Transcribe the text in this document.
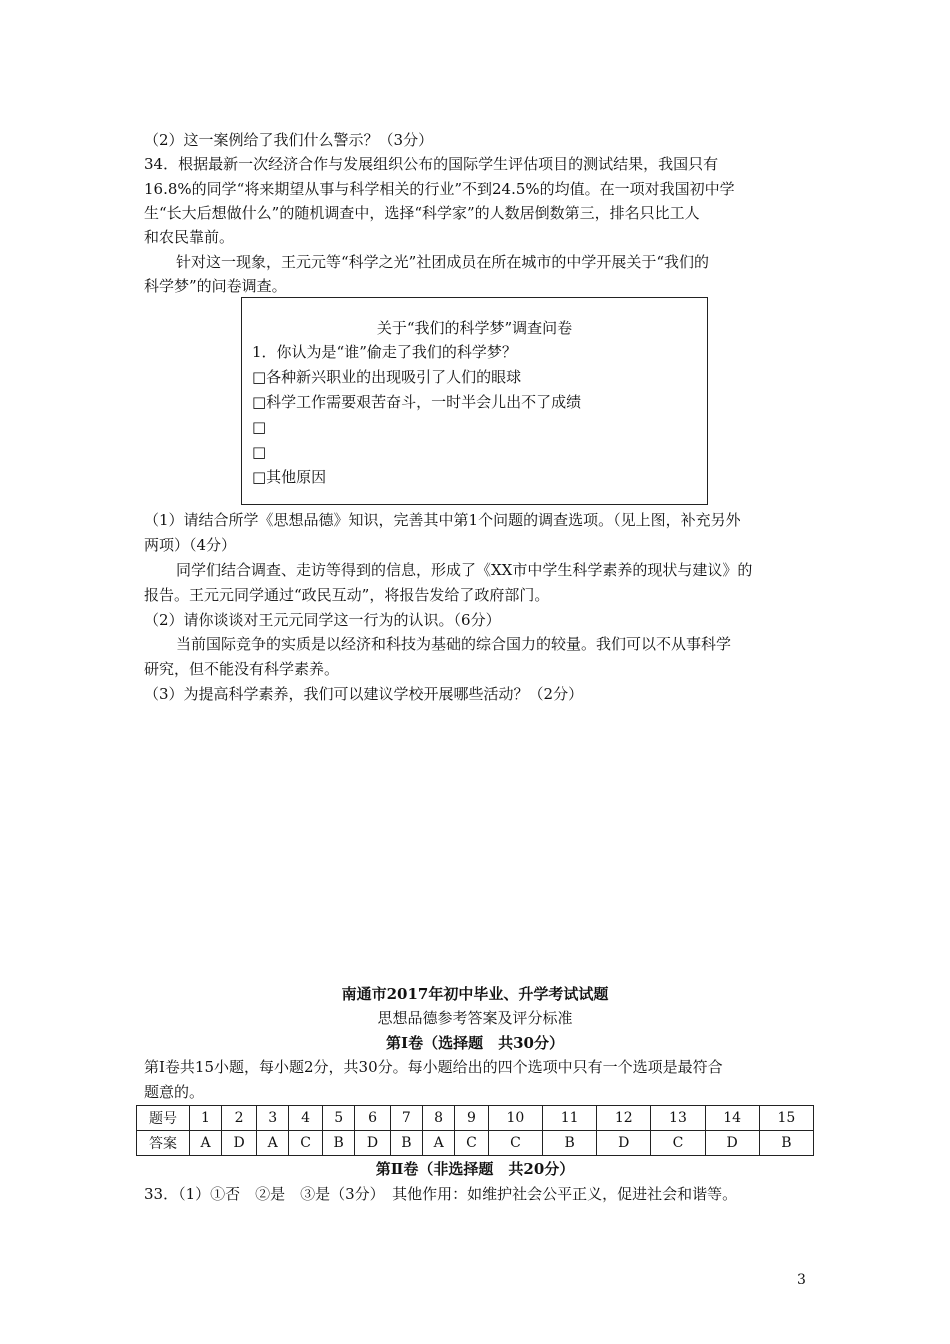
（2）这一案例给了我们什么警示？（3分）
34．根据最新一次经济合作与发展组织公布的国际学生评估项目的测试结果，我国只有
16.8%的同学“将来期望从事与科学相关的行业”不到24.5%的均值。在一项对我国初中学
生“长大后想做什么”的随机调查中，选择“科学家”的人数居倒数第三，排名只比工人
和农民靠前。
针对这一现象，王元元等“科学之光”社团成员在所在城市的中学开展关于“我们的
科学梦”的问卷调查。
关于“我们的科学梦”调查问卷
1．你认为是“谁”偷走了我们的科学梦？
□各种新兴职业的出现吸引了人们的眼球
□科学工作需要艰苦奋斗，一时半会儿出不了成绩
□
□
□其他原因
（1）请结合所学《思想品德》知识，完善其中第1个问题的调查选项。（见上图，补充另外
两项）（4分）
同学们结合调查、走访等得到的信息，形成了《XX市中学生科学素养的现状与建议》的
报告。王元元同学通过“政民互动”，将报告发给了政府部门。
（2）请你谈谈对王元元同学这一行为的认识。（6分）
当前国际竞争的实质是以经济和科技为基础的综合国力的较量。我们可以不从事科学
研究，但不能没有科学素养。
（3）为提高科学素养，我们可以建议学校开展哪些活动？（2分）
南通市2017年初中毕业、升学考试试题
思想品德参考答案及评分标准
第Ⅰ卷（选择题　共30分）
第Ⅰ卷共15小题，每小题2分，共30分。每小题给出的四个选项中只有一个选项是最符合
题意的。
题号	1	2	3	4	5	6	7	8	9	10	11	12	13	14	15
答案	A	D	A	C	B	D	B	A	C	C	B	D	C	D	B
第Ⅱ卷（非选择题　共20分）
33．（1）①否　②是　③是（3分）　其他作用：如维护社会公平正义，促进社会和谐等。
3
